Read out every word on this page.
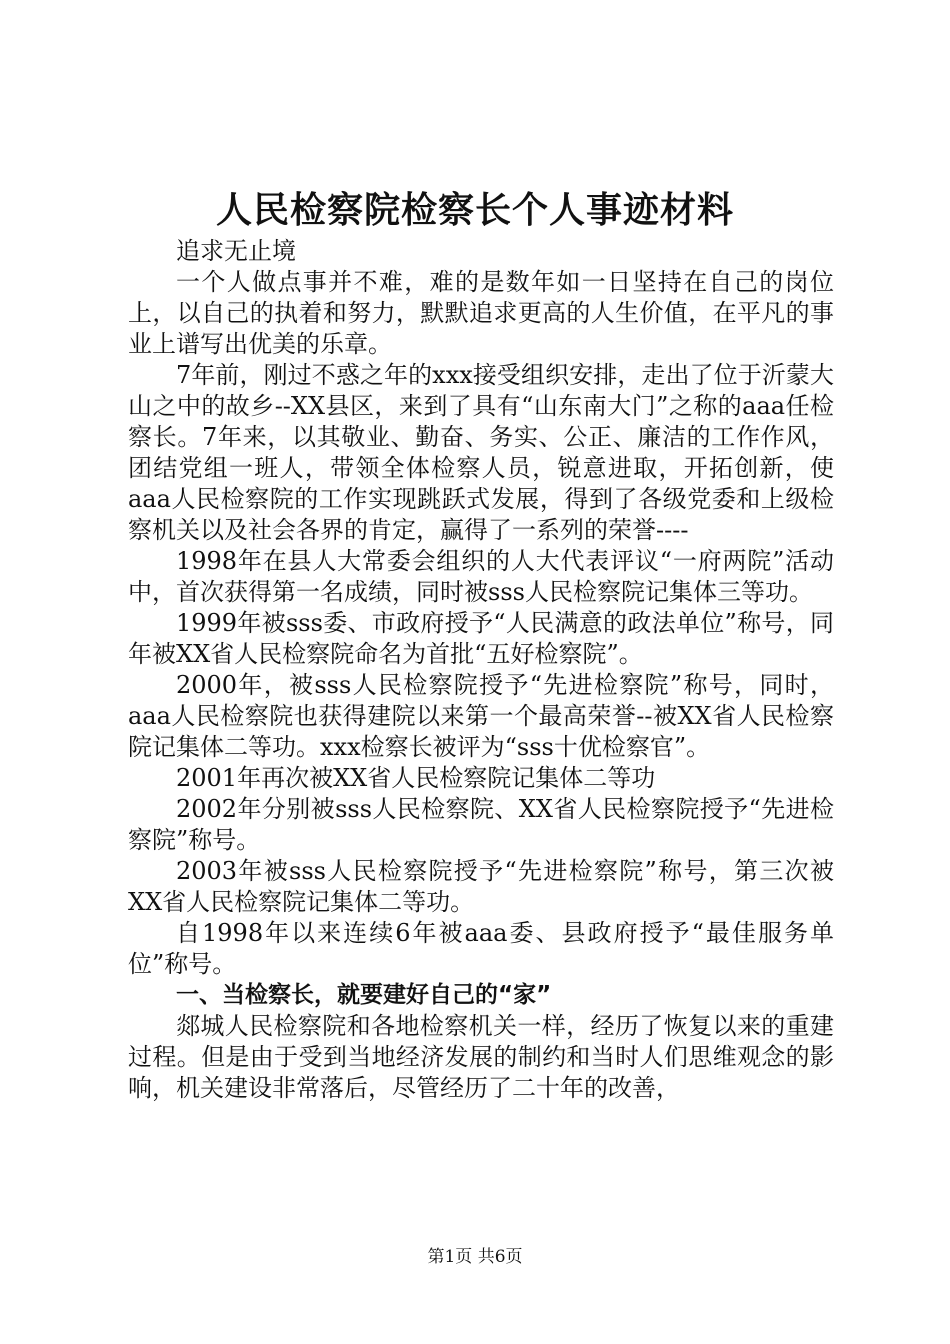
人民检察院检察长个人事迹材料

追求无止境

一个人做点事并不难，难的是数年如一日坚持在自己的岗位上，以自己的执着和努力，默默追求更高的人生价值，在平凡的事业上谱写出优美的乐章。

7年前，刚过不惑之年的xxx接受组织安排，走出了位于沂蒙大山之中的故乡--XX县区，来到了具有“山东南大门”之称的aaa任检察长。7年来，以其敬业、勤奋、务实、公正、廉洁的工作作风，团结党组一班人，带领全体检察人员，锐意进取，开拓创新，使aaa人民检察院的工作实现跳跃式发展，得到了各级党委和上级检察机关以及社会各界的肯定，赢得了一系列的荣誉----

1998年在县人大常委会组织的人大代表评议“一府两院”活动中，首次获得第一名成绩，同时被sss人民检察院记集体三等功。

1999年被sss委、市政府授予“人民满意的政法单位”称号，同年被XX省人民检察院命名为首批“五好检察院”。

2000年，被sss人民检察院授予“先进检察院”称号，同时，aaa人民检察院也获得建院以来第一个最高荣誉--被XX省人民检察院记集体二等功。xxx检察长被评为“sss十优检察官”。

2001年再次被XX省人民检察院记集体二等功

2002年分别被sss人民检察院、XX省人民检察院授予“先进检察院”称号。

2003年被sss人民检察院授予“先进检察院”称号，第三次被XX省人民检察院记集体二等功。

自1998年以来连续6年被aaa委、县政府授予“最佳服务单位”称号。

一、当检察长，就要建好自己的“家”

郯城人民检察院和各地检察机关一样，经历了恢复以来的重建过程。但是由于受到当地经济发展的制约和当时人们思维观念的影响，机关建设非常落后，尽管经历了二十年的改善，

第1页 共6页
